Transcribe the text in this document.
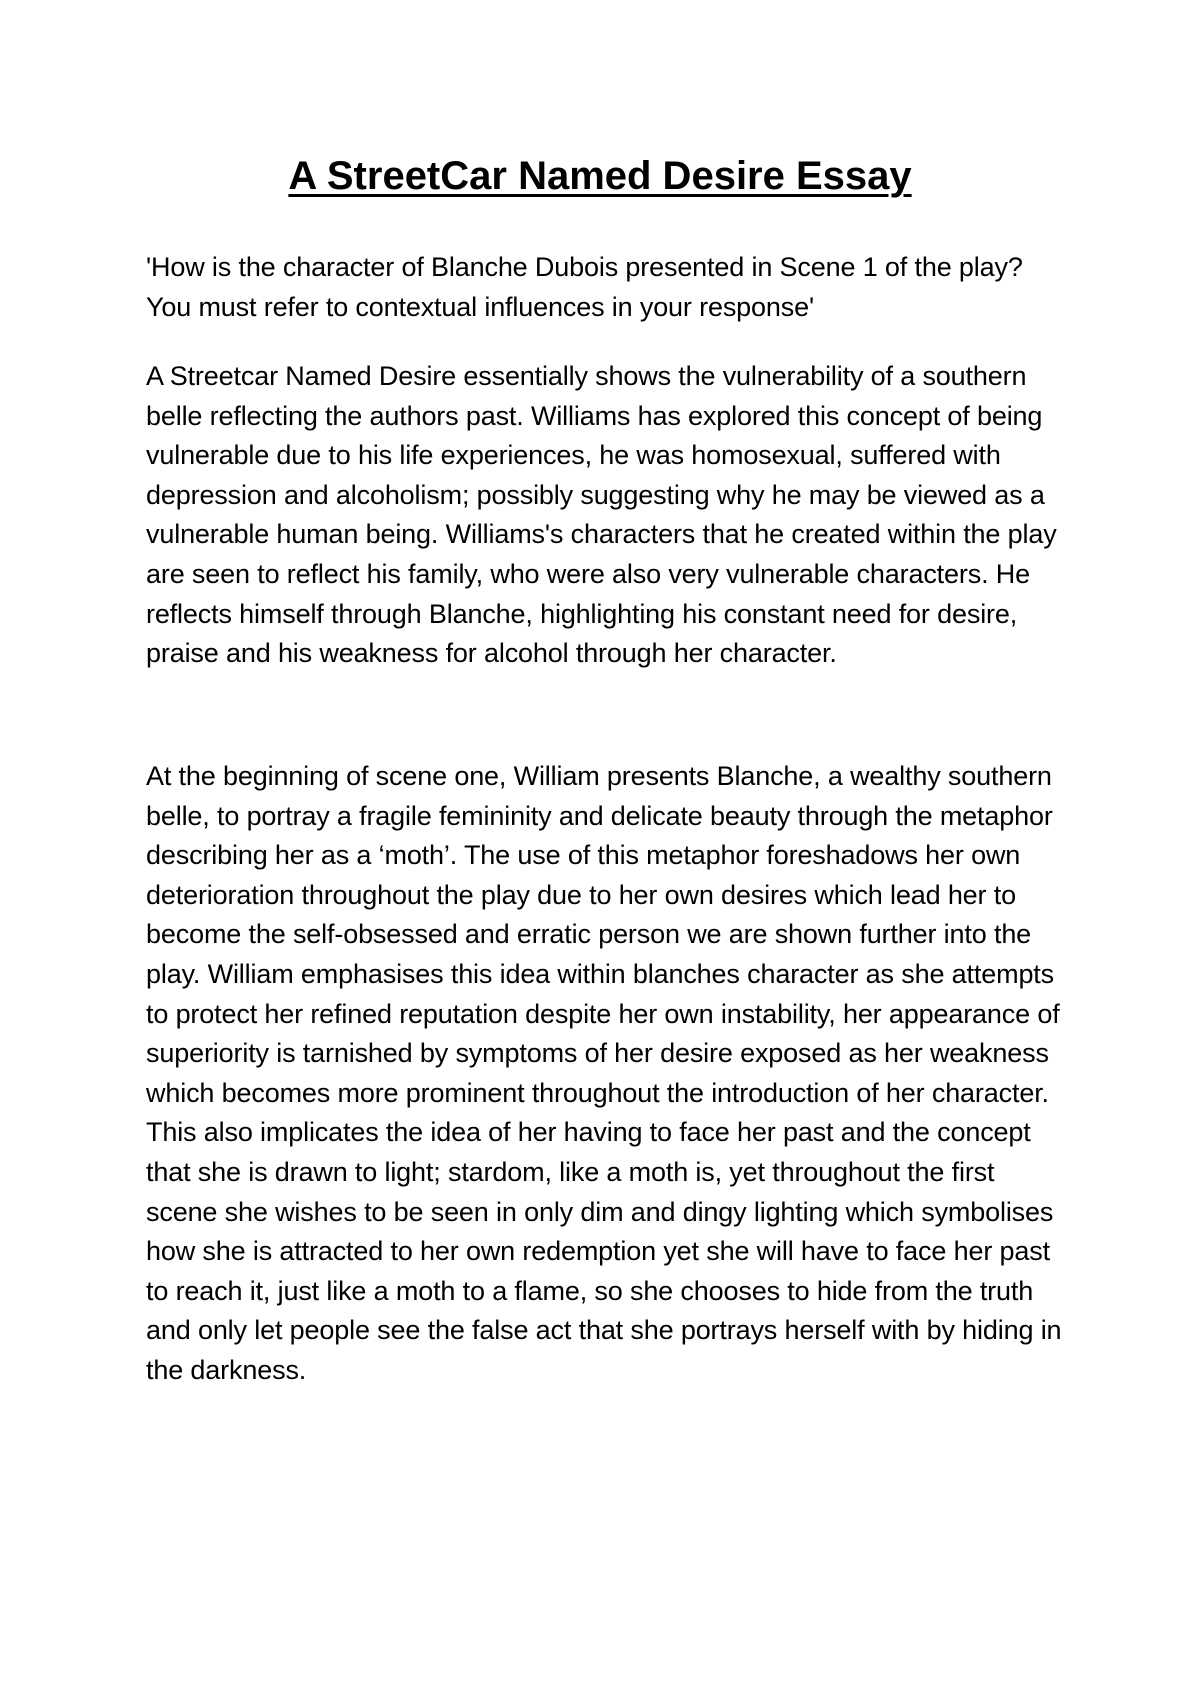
A StreetCar Named Desire Essay

'How is the character of Blanche Dubois presented in Scene 1 of the play? You must refer to contextual influences in your response'

A Streetcar Named Desire essentially shows the vulnerability of a southern belle reflecting the authors past. Williams has explored this concept of being vulnerable due to his life experiences, he was homosexual, suffered with depression and alcoholism; possibly suggesting why he may be viewed as a vulnerable human being. Williams's characters that he created within the play are seen to reflect his family, who were also very vulnerable characters. He reflects himself through Blanche, highlighting his constant need for desire, praise and his weakness for alcohol through her character.

At the beginning of scene one, William presents Blanche, a wealthy southern belle, to portray a fragile femininity and delicate beauty through the metaphor describing her as a ‘moth’. The use of this metaphor foreshadows her own deterioration throughout the play due to her own desires which lead her to become the self-obsessed and erratic person we are shown further into the play. William emphasises this idea within blanches character as she attempts to protect her refined reputation despite her own instability, her appearance of superiority is tarnished by symptoms of her desire exposed as her weakness which becomes more prominent throughout the introduction of her character. This also implicates the idea of her having to face her past and the concept that she is drawn to light; stardom, like a moth is, yet throughout the first scene she wishes to be seen in only dim and dingy lighting which symbolises how she is attracted to her own redemption yet she will have to face her past to reach it, just like a moth to a flame, so she chooses to hide from the truth and only let people see the false act that she portrays herself with by hiding in the darkness.
